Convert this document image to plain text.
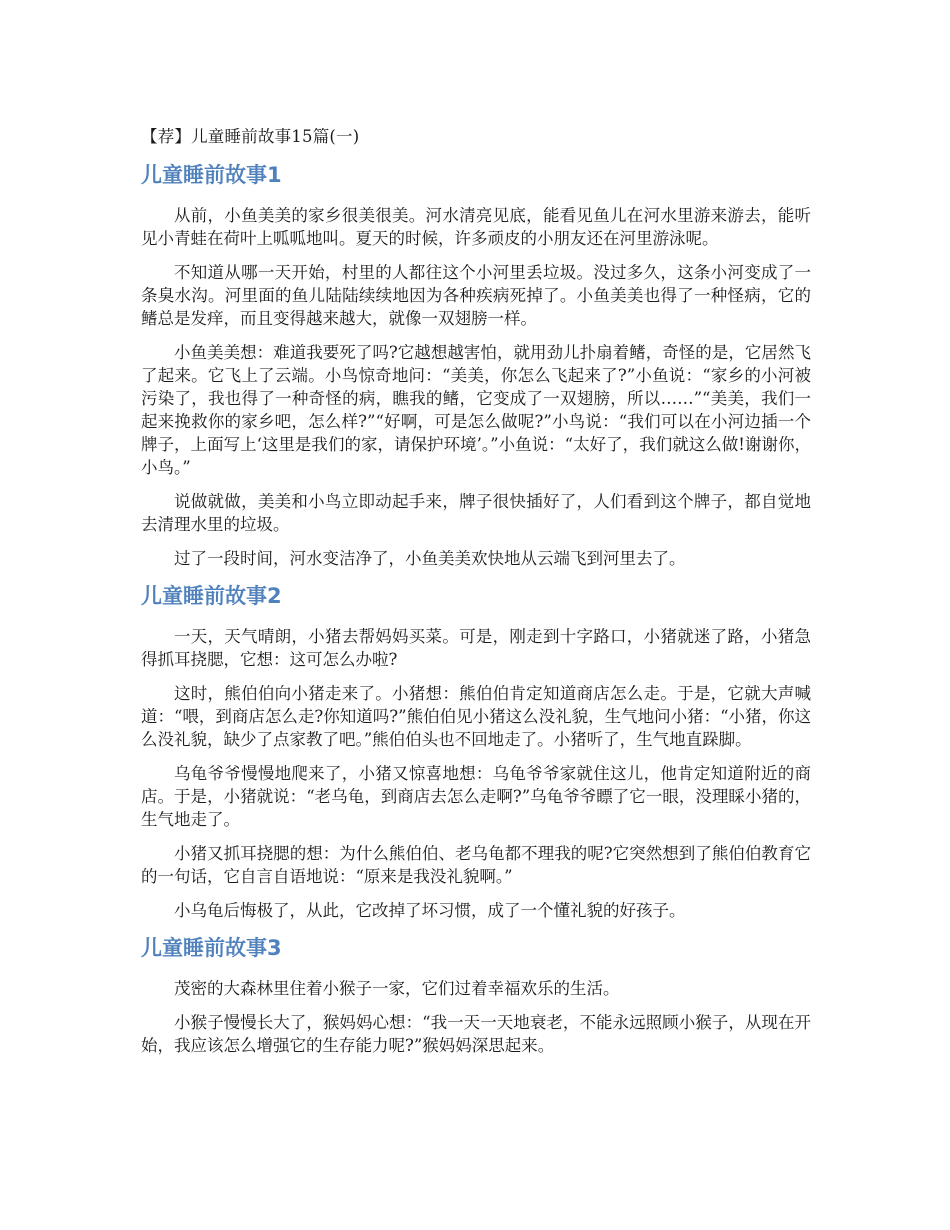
【荐】儿童睡前故事15篇(一)
儿童睡前故事1

从前，小鱼美美的家乡很美很美。河水清亮见底，能看见鱼儿在河水里游来游去，能听见小青蛙在荷叶上呱呱地叫。夏天的时候，许多顽皮的小朋友还在河里游泳呢。

不知道从哪一天开始，村里的人都往这个小河里丢垃圾。没过多久，这条小河变成了一条臭水沟。河里面的鱼儿陆陆续续地因为各种疾病死掉了。小鱼美美也得了一种怪病，它的鳍总是发痒，而且变得越来越大，就像一双翅膀一样。

小鱼美美想：难道我要死了吗?它越想越害怕，就用劲儿扑扇着鳍，奇怪的是，它居然飞了起来。它飞上了云端。小鸟惊奇地问：“美美，你怎么飞起来了?”小鱼说：“家乡的小河被污染了，我也得了一种奇怪的病，瞧我的鳍，它变成了一双翅膀，所以……”“美美，我们一起来挽救你的家乡吧，怎么样?”“好啊，可是怎么做呢?”小鸟说：“我们可以在小河边插一个牌子，上面写上‘这里是我们的家，请保护环境’。”小鱼说：“太好了，我们就这么做!谢谢你，小鸟。”

说做就做，美美和小鸟立即动起手来，牌子很快插好了，人们看到这个牌子，都自觉地去清理水里的垃圾。

过了一段时间，河水变洁净了，小鱼美美欢快地从云端飞到河里去了。

儿童睡前故事2

一天，天气晴朗，小猪去帮妈妈买菜。可是，刚走到十字路口，小猪就迷了路，小猪急得抓耳挠腮，它想：这可怎么办啦?

这时，熊伯伯向小猪走来了。小猪想：熊伯伯肯定知道商店怎么走。于是，它就大声喊道：“喂，到商店怎么走?你知道吗?”熊伯伯见小猪这么没礼貌，生气地问小猪：“小猪，你这么没礼貌，缺少了点家教了吧。”熊伯伯头也不回地走了。小猪听了，生气地直跺脚。

乌龟爷爷慢慢地爬来了，小猪又惊喜地想：乌龟爷爷家就住这儿，他肯定知道附近的商店。于是，小猪就说：“老乌龟，到商店去怎么走啊?”乌龟爷爷瞟了它一眼，没理睬小猪的，生气地走了。

小猪又抓耳挠腮的想：为什么熊伯伯、老乌龟都不理我的呢?它突然想到了熊伯伯教育它的一句话，它自言自语地说：“原来是我没礼貌啊。”

小乌龟后悔极了，从此，它改掉了坏习惯，成了一个懂礼貌的好孩子。

儿童睡前故事3

茂密的大森林里住着小猴子一家，它们过着幸福欢乐的生活。

小猴子慢慢长大了，猴妈妈心想：“我一天一天地衰老，不能永远照顾小猴子，从现在开始，我应该怎么增强它的生存能力呢?”猴妈妈深思起来。
